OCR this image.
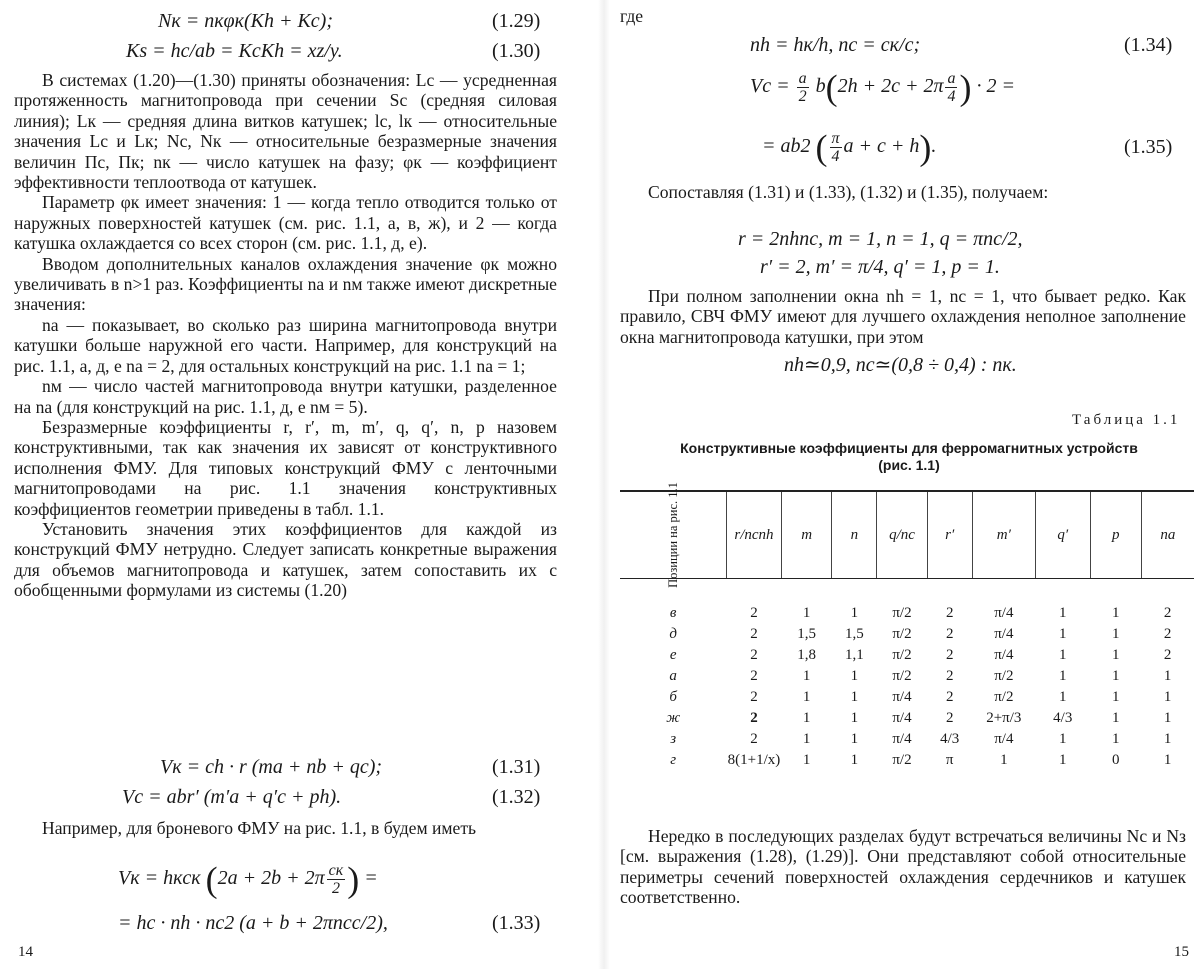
Nк = nкφк(Kh + Kc);	(1.29)
Ks = hc/ab = KcKh = xz/y.	(1.30)

В системах (1.20)—(1.30) приняты обозначения: Lc — усредненная протяженность магнитопровода при сечении Sc (средняя силовая линия); Lк — средняя длина витков катушек; lc, lк — относительные значения Lc и Lк; Nc, Nк — относительные безразмерные значения величин Пc, Пк; nк — число катушек на фазу; φк — коэффициент эффективности теплоотвода от катушек.

Параметр φк имеет значения: 1 — когда тепло отводится только от наружных поверхностей катушек (см. рис. 1.1, а, в, ж), и 2 — когда катушка охлаждается со всех сторон (см. рис. 1.1, д, е).

Вводом дополнительных каналов охлаждения значение φк можно увеличивать в n>1 раз. Коэффициенты na и nм также имеют дискретные значения:

na — показывает, во сколько раз ширина магнитопровода внутри катушки больше наружной его части. Например, для конструкций на рис. 1.1, а, д, е na = 2, для остальных конструкций на рис. 1.1 na = 1;

nм — число частей магнитопровода внутри катушки, разделенное на na (для конструкций на рис. 1.1, д, е nм = 5).

Безразмерные коэффициенты r, r′, m, m′, q, q′, n, p назовем конструктивными, так как значения их зависят от конструктивного исполнения ФМУ. Для типовых конструкций ФМУ с ленточными магнитопроводами на рис. 1.1 значения конструктивных коэффициентов геометрии приведены в табл. 1.1.

Установить значения этих коэффициентов для каждой из конструкций ФМУ нетрудно. Следует записать конкретные выражения для объемов магнитопровода и катушек, затем сопоставить их с обобщенными формулами из системы (1.20)

Vк = ch · r (ma + nb + qc);	(1.31)
Vc = abr′ (m′a + q′c + ph).	(1.32)

Например, для броневого ФМУ на рис. 1.1, в будем иметь

Vк = hкcк ($2a + 2b + 2\pi \frac{cк}{2}$ ) =
= hc · nh · nc2 (a + b + 2πncc/2),	(1.33)
14

где

nh = hк/h, nc = cк/c;	(1.34)
$Vc = \frac{a}{2} b(2h + 2c + 2\pi \frac{a}{4}$ ) · 2 =
= ab2 ( $\frac{\pi}{4}$ a + c + h).	(1.35)

Сопоставляя (1.31) и (1.33), (1.32) и (1.35), получаем:

r = 2nhnc, m = 1, n = 1, q = πnc/2,
r′ = 2, m′ = π/4, q′ = 1, p = 1.

При полном заполнении окна nh = 1, nc = 1, что бывает редко. Как правило, СВЧ ФМУ имеют для лучшего охлаждения неполное заполнение окна магнитопровода катушки, при этом

nh≃0,9, nc≃(0,8 ÷ 0,4) : nк.
Таблица 1.1
Конструктивные коэффициенты для ферромагнитных устройств
(рис. 1.1)
Позиции на рис. 1.1	r/ncnh	m	n	q/nc	r′	m′	q′	p	na

в	2	1	1	π/2	2	π/4	1	1	2
д	2	1,5	1,5	π/2	2	π/4	1	1	2
е	2	1,8	1,1	π/2	2	π/4	1	1	2
а	2	1	1	π/2	2	π/2	1	1	1
б	2	1	1	π/4	2	π/2	1	1	1
ж	2	1	1	π/4	2	2+π/3	4/3	1	1
з	2	1	1	π/4	4/3	π/4	1	1	1
г	8(1+1/x)	1	1	π/2	π	1	1	0	1

Нередко в последующих разделах будут встречаться величины Nc и Nз [см. выражения (1.28), (1.29)]. Они представляют собой относительные периметры сечений поверхностей охлаждения сердечников и катушек соответственно.

15
